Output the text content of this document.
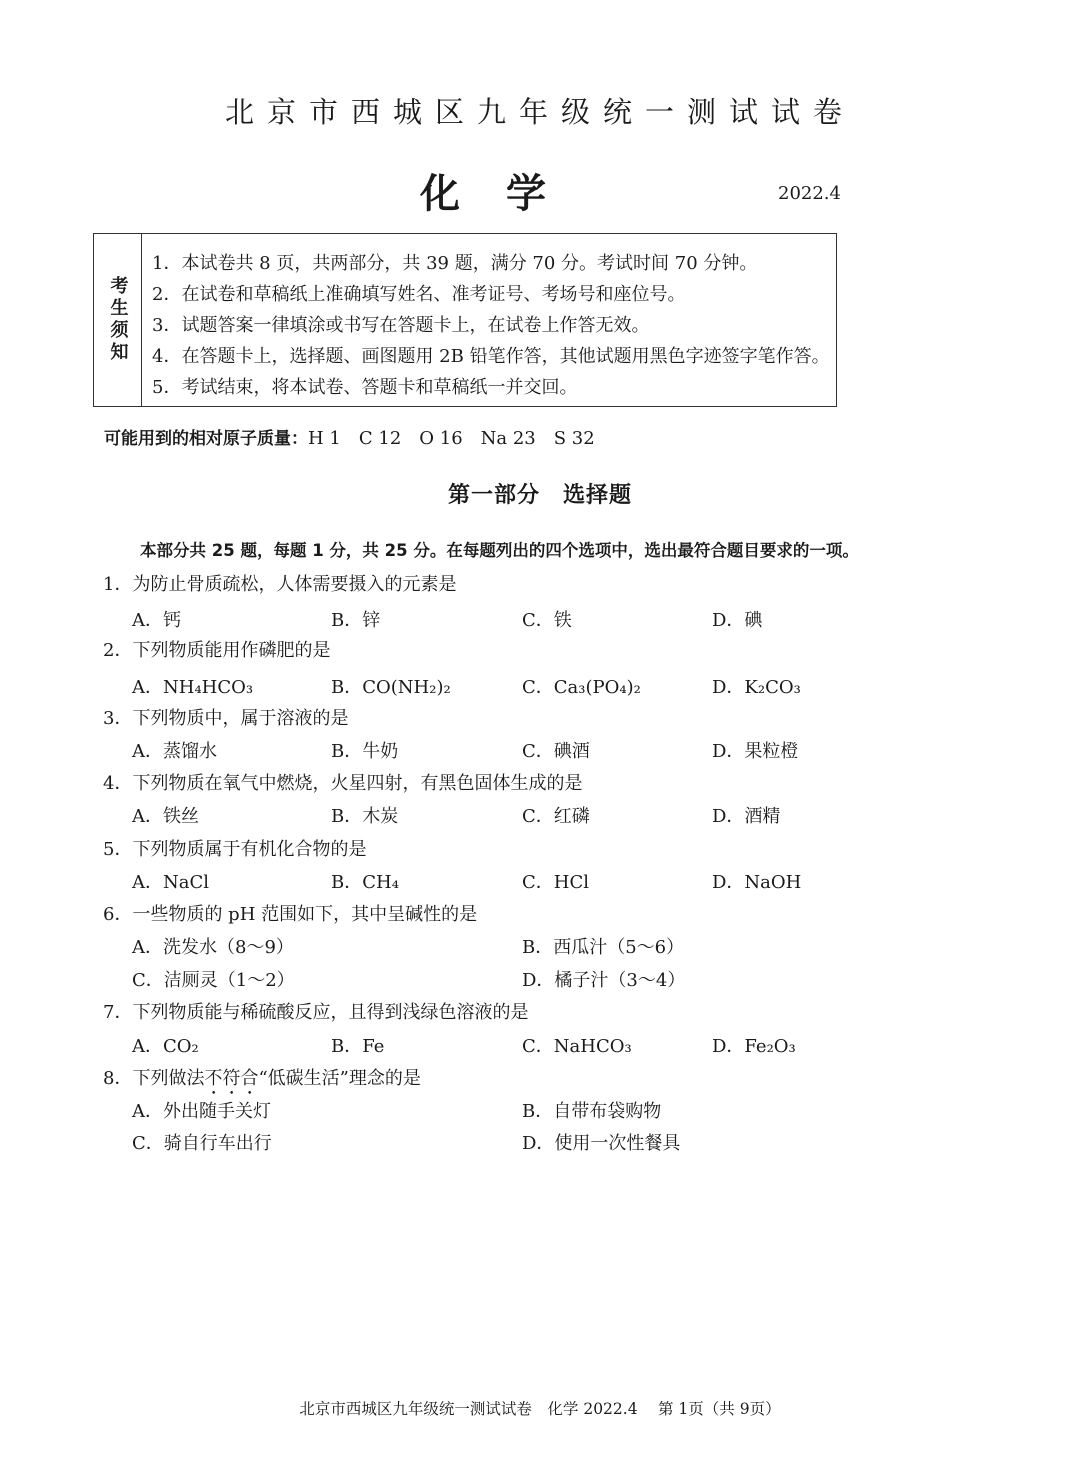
北京市西城区九年级统一测试试卷
化学	2022.4
考生须知
1．本试卷共 8 页，共两部分，共 39 题，满分 70 分。考试时间 70 分钟。
2．在试卷和草稿纸上准确填写姓名、准考证号、考场号和座位号。
3．试题答案一律填涂或书写在答题卡上，在试卷上作答无效。
4．在答题卡上，选择题、画图题用 2B 铅笔作答，其他试题用黑色字迹签字笔作答。
5．考试结束，将本试卷、答题卡和草稿纸一并交回。
可能用到的相对原子质量：H 1　C 12　O 16　Na 23　S 32
第一部分　选择题
本部分共 25 题，每题 1 分，共 25 分。在每题列出的四个选项中，选出最符合题目要求的一项。
1．为防止骨质疏松，人体需要摄入的元素是
A．钙	B．锌	C．铁	D．碘
2．下列物质能用作磷肥的是
A．NH₄HCO₃	B．CO(NH₂)₂	C．Ca₃(PO₄)₂	D．K₂CO₃
3．下列物质中，属于溶液的是
A．蒸馏水	B．牛奶	C．碘酒	D．果粒橙
4．下列物质在氧气中燃烧，火星四射，有黑色固体生成的是
A．铁丝	B．木炭	C．红磷	D．酒精
5．下列物质属于有机化合物的是
A．NaCl	B．CH₄	C．HCl	D．NaOH
6．一些物质的 pH 范围如下，其中呈碱性的是
A．洗发水（8～9）	B．西瓜汁（5～6）
C．洁厕灵（1～2）	D．橘子汁（3～4）
7．下列物质能与稀硫酸反应，且得到浅绿色溶液的是
A．CO₂	B．Fe	C．NaHCO₃	D．Fe₂O₃
8．下列做法不符合“低碳生活”理念的是
A．外出随手关灯	B．自带布袋购物
C．骑自行车出行	D．使用一次性餐具
北京市西城区九年级统一测试试卷　化学 2022.4　 第 1页（共 9页）
